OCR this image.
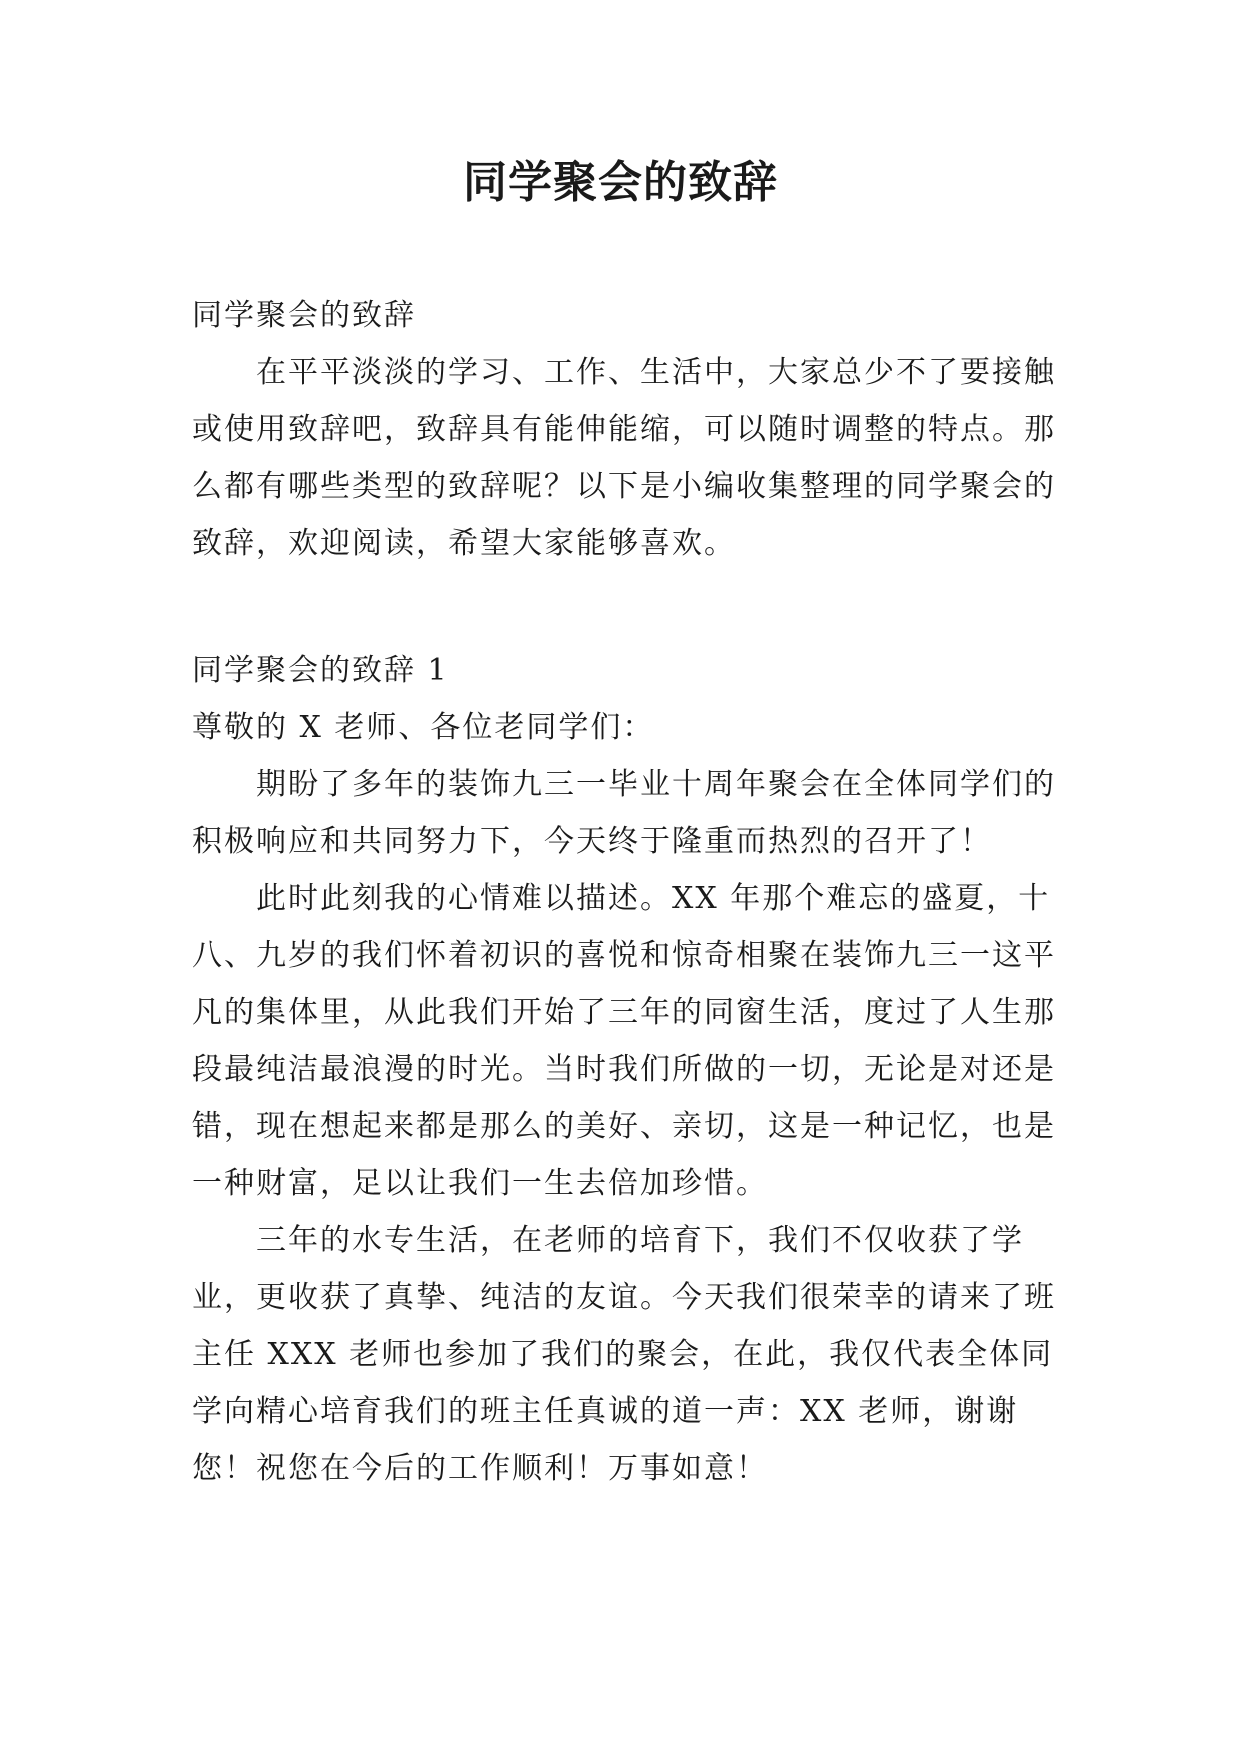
同学聚会的致辞

同学聚会的致辞

在平平淡淡的学习、工作、生活中，大家总少不了要接触或使用致辞吧，致辞具有能伸能缩，可以随时调整的特点。那么都有哪些类型的致辞呢？以下是小编收集整理的同学聚会的致辞，欢迎阅读，希望大家能够喜欢。

同学聚会的致辞 1

尊敬的 X 老师、各位老同学们：

期盼了多年的装饰九三一毕业十周年聚会在全体同学们的积极响应和共同努力下，今天终于隆重而热烈的召开了！

此时此刻我的心情难以描述。XX 年那个难忘的盛夏，十八、九岁的我们怀着初识的喜悦和惊奇相聚在装饰九三一这平凡的集体里，从此我们开始了三年的同窗生活，度过了人生那段最纯洁最浪漫的时光。当时我们所做的一切，无论是对还是错，现在想起来都是那么的美好、亲切，这是一种记忆，也是一种财富，足以让我们一生去倍加珍惜。

三年的水专生活，在老师的培育下，我们不仅收获了学业，更收获了真挚、纯洁的友谊。今天我们很荣幸的请来了班主任 XXX 老师也参加了我们的聚会，在此，我仅代表全体同学向精心培育我们的班主任真诚的道一声：XX 老师，谢谢您！祝您在今后的工作顺利！万事如意！
